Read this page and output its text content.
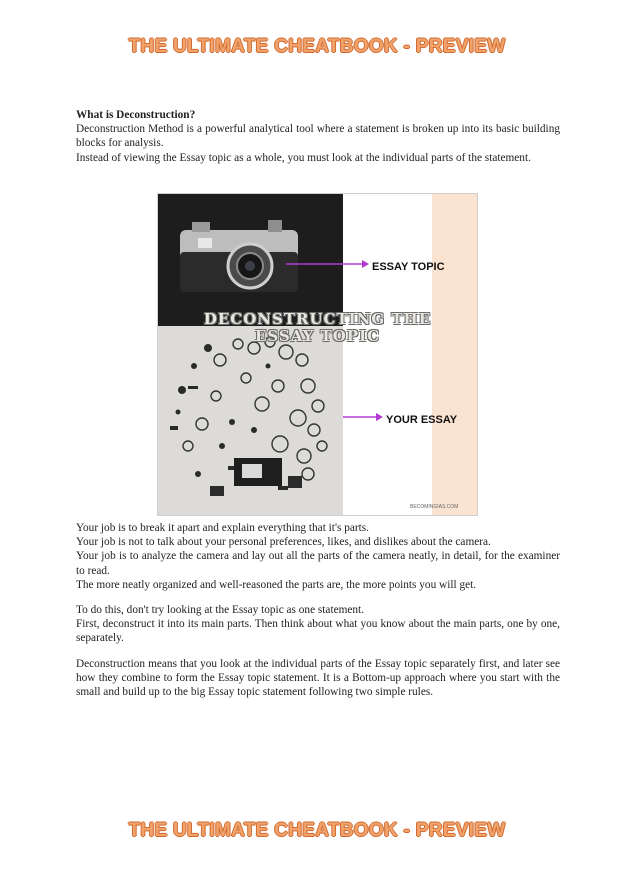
THE ULTIMATE CHEATBOOK - PREVIEW

What is Deconstruction?

Deconstruction Method is a powerful analytical tool where a statement is broken up into its basic building blocks for analysis.

Instead of viewing the Essay topic as a whole, you must look at the individual parts of the statement.

DECONSTRUCTING THE
ESSAY TOPIC
ESSAY TOPIC
YOUR ESSAY
BECOMINGIAS.COM

Your job is to break it apart and explain everything that it's parts.

Your job is not to talk about your personal preferences, likes, and dislikes about the camera.

Your job is to analyze the camera and lay out all the parts of the camera neatly, in detail, for the examiner to read.

The more neatly organized and well-reasoned the parts are, the more points you will get.

To do this, don't try looking at the Essay topic as one statement.

First, deconstruct it into its main parts. Then think about what you know about the main parts, one by one, separately.

Deconstruction means that you look at the individual parts of the Essay topic separately first, and later see how they combine to form the Essay topic statement. It is a Bottom-up approach where you start with the small and build up to the big Essay topic statement following two simple rules.

THE ULTIMATE CHEATBOOK - PREVIEW
